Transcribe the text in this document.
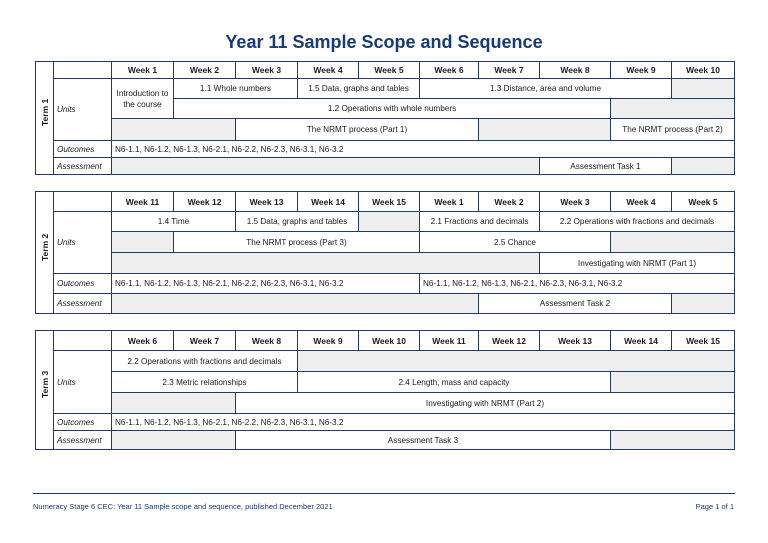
Year 11 Sample Scope and Sequence
Term 1		Week 1	Week 2	Week 3	Week 4	Week 5	Week 6	Week 7	Week 8	Week 9	Week 10
	Units	Introduction to the course	1.1 Whole numbers		1.5 Data, graphs and tables		1.3 Distance, area and volume				
			1.2 Operations with whole numbers								
				The NRMT process (Part 1)						The NRMT process (Part 2)	
	Outcomes	N6-1.1, N6-1.2, N6-1.3, N6-2.1, N6-2.2, N6-2.3, N6-3.1, N6-3.2									
	Assessment								Assessment Task 1		
Term 2		Week 11	Week 12	Week 13	Week 14	Week 15	Week 1	Week 2	Week 3	Week 4	Week 5
	Units	1.4 Time		1.5 Data, graphs and tables			2.1 Fractions and decimals		2.2 Operations with fractions and decimals		
			The NRMT process (Part 3)				2.5 Chance				
									Investigating with NRMT (Part 1)		
	Outcomes	N6-1.1, N6-1.2, N6-1.3, N6-2.1, N6-2.2, N6-2.3, N6-3.1, N6-3.2					N6-1.1, N6-1.2, N6-1.3, N6-2.1, N6-2.3, N6-3.1, N6-3.2				
	Assessment							Assessment Task 2			
Term 3		Week 6	Week 7	Week 8	Week 9	Week 10	Week 11	Week 12	Week 13	Week 14	Week 15
	Units	2.2 Operations with fractions and decimals									
		2.3 Metric relationships			2.4 Length, mass and capacity						
				Investigating with NRMT (Part 2)							
	Outcomes	N6-1.1, N6-1.2, N6-1.3, N6-2.1, N6-2.2, N6-2.3, N6-3.1, N6-3.2									
	Assessment			Assessment Task 3							
Numeracy Stage 6 CEC: Year 11 Sample scope and sequence, published December 2021	Page 1 of 1
